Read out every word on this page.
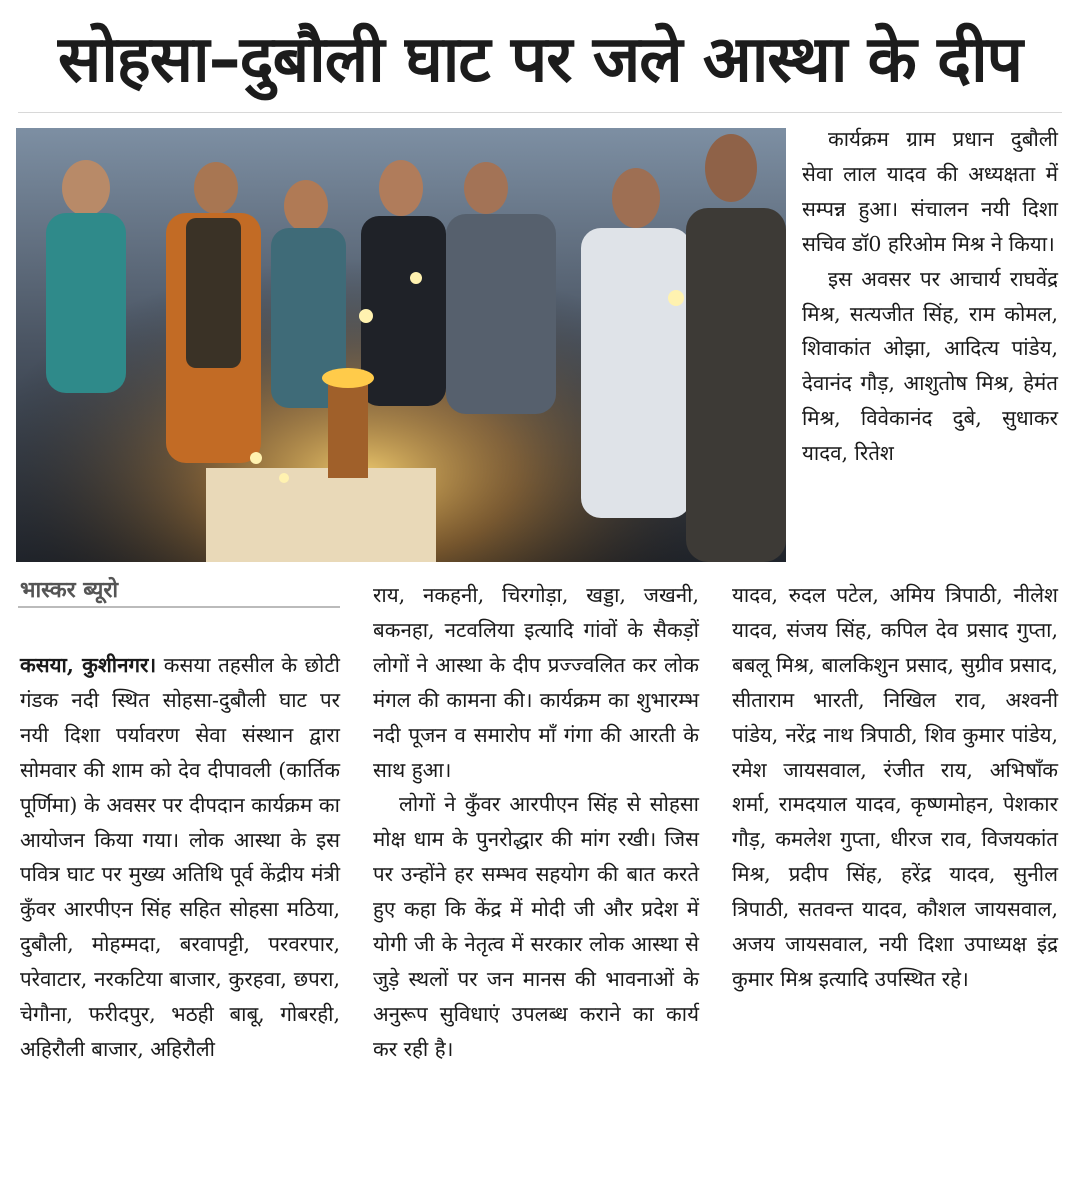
सोहसा–दुबौली घाट पर जले आस्था के दीप
भास्कर ब्यूरो

कार्यक्रम ग्राम प्रधान दुबौली सेवा लाल यादव की अध्यक्षता में सम्पन्न हुआ। संचालन नयी दिशा सचिव डॉ0 हरिओम मिश्र ने किया।

इस अवसर पर आचार्य राघवेंद्र मिश्र, सत्यजीत सिंह, राम कोमल, शिवाकांत ओझा, आदित्य पांडेय, देवानंद गौड़, आशुतोष मिश्र, हेमंत मिश्र, विवेकानंद दुबे, सुधाकर यादव, रितेश

कसया, कुशीनगर। कसया तहसील के छोटी गंडक नदी स्थित सोहसा-दुबौली घाट पर नयी दिशा पर्यावरण सेवा संस्थान द्वारा सोमवार की शाम को देव दीपावली (कार्तिक पूर्णिमा) के अवसर पर दीपदान कार्यक्रम का आयोजन किया गया। लोक आस्था के इस पवित्र घाट पर मुख्य अतिथि पूर्व केंद्रीय मंत्री कुँवर आरपीएन सिंह सहित सोहसा मठिया, दुबौली, मोहम्मदा, बरवापट्टी, परवरपार, परेवाटार, नरकटिया बाजार, कुरहवा, छपरा, चेगौना, फरीदपुर, भठही बाबू, गोबरही, अहिरौली बाजार, अहिरौली

राय, नकहनी, चिरगोड़ा, खड्डा, जखनी, बकनहा, नटवलिया इत्यादि गांवों के सैकड़ों लोगों ने आस्था के दीप प्रज्ज्वलित कर लोक मंगल की कामना की। कार्यक्रम का शुभारम्भ नदी पूजन व समारोप माँ गंगा की आरती के साथ हुआ।

लोगों ने कुँवर आरपीएन सिंह से सोहसा मोक्ष धाम के पुनरोद्धार की मांग रखी। जिस पर उन्होंने हर सम्भव सहयोग की बात करते हुए कहा कि केंद्र में मोदी जी और प्रदेश में योगी जी के नेतृत्व में सरकार लोक आस्था से जुड़े स्थलों पर जन मानस की भावनाओं के अनुरूप सुविधाएं उपलब्ध कराने का कार्य कर रही है।

यादव, रुदल पटेल, अमिय त्रिपाठी, नीलेश यादव, संजय सिंह, कपिल देव प्रसाद गुप्ता, बबलू मिश्र, बालकिशुन प्रसाद, सुग्रीव प्रसाद, सीताराम भारती, निखिल राव, अश्वनी पांडेय, नरेंद्र नाथ त्रिपाठी, शिव कुमार पांडेय, रमेश जायसवाल, रंजीत राय, अभिषाँक शर्मा, रामदयाल यादव, कृष्णमोहन, पेशकार गौड़, कमलेश गुप्ता, धीरज राव, विजयकांत मिश्र, प्रदीप सिंह, हरेंद्र यादव, सुनील त्रिपाठी, सतवन्त यादव, कौशल जायसवाल, अजय जायसवाल, नयी दिशा उपाध्यक्ष इंद्र कुमार मिश्र इत्यादि उपस्थित रहे।
